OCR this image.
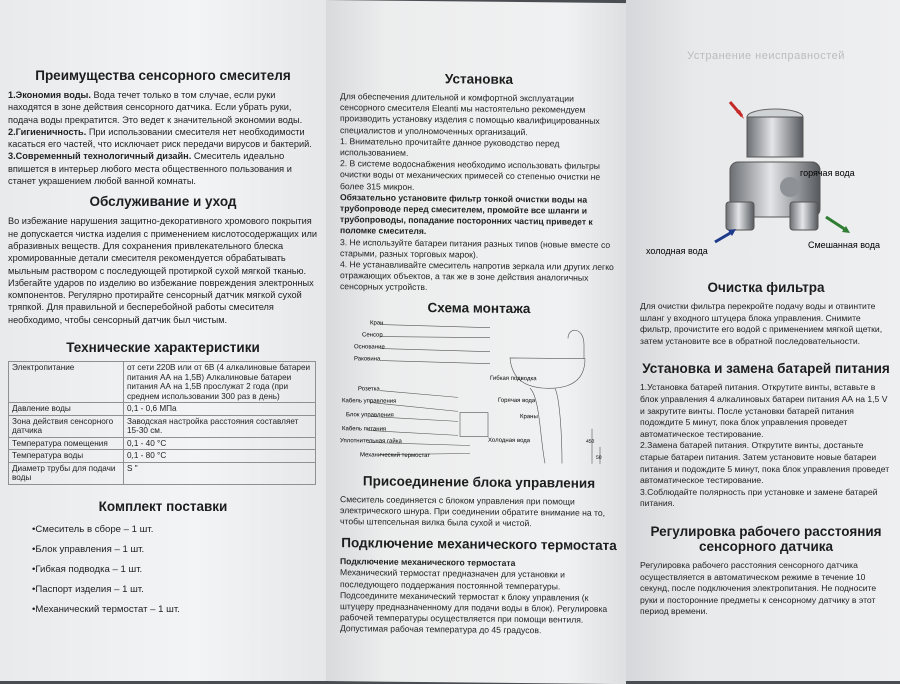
Преимущества сенсорного смесителя

1.Экономия воды. Вода течет только в том случае, если руки находятся в зоне действия сенсорного датчика. Если убрать руки, подача воды прекратится. Это ведет к значительной экономии воды.

2.Гигиеничность. При использовании смесителя нет необходимости касаться его частей, что исключает риск передачи вирусов и бактерий.

3.Современный технологичный дизайн. Смеситель идеально впишется в интерьер любого места общественного пользования и станет украшением любой ванной комнаты.

Обслуживание и уход

Во избежание нарушения защитно-декоративного хромового покрытия не допускается чистка изделия с применением кислотосодержащих или абразивных веществ. Для сохранения привлекательного блеска хромированные детали смесителя рекомендуется обрабатывать мыльным раствором с последующей протиркой сухой мягкой тканью. Избегайте ударов по изделию во избежание повреждения электронных компонентов. Регулярно протирайте сенсорный датчик мягкой сухой тряпкой. Для правильной и бесперебойной работы смесителя необходимо, чтобы сенсорный датчик был чистым.

Технические характеристики
Электропитание	от сети 220В или от 6В (4 алкалиновые батареи питания АА на 1,5В) Алкалиновые батареи питания АА на 1,5В прослужат 2 года (при среднем использовании 300 раз в день)
Давление воды	0,1 - 0,6 МПа
Зона действия сенсорного датчика	Заводская настройка расстояния составляет 15-30 см.
Температура помещения	0,1 - 40 °С
Температура воды	0,1 - 80 °С
Диаметр трубы для подачи воды	S "
Комплект поставки
•Смеситель в сборе – 1 шт.
•Блок управления – 1 шт.
•Гибкая подводка – 1 шт.
•Паспорт изделия – 1 шт.
•Механический термостат – 1 шт.
Установка

Для обеспечения длительной и комфортной эксплуатации сенсорного смесителя Eleanti мы настоятельно рекомендуем производить установку изделия с помощью квалифицированных специалистов и уполномоченных организаций.

1. Внимательно прочитайте данное руководство перед использованием.

2. В системе водоснабжения необходимо использовать фильтры очистки воды от механических примесей со степенью очистки не более 315 микрон.

Обязательно установите фильтр тонкой очистки воды на трубопроводе перед смесителем, промойте все шланги и трубопроводы, попадание посторонних частиц приведет к поломке смесителя.

3. Не используйте батареи питания разных типов (новые вместе со старыми, разных торговых марок).

4. Не устанавливайте смеситель напротив зеркала или других легко отражающих объектов, а так же в зоне действия аналогичных сенсорных устройств.

Схема монтажа
Кран
Сенсор
Основание
Раковина
Розетка
Кабель управления
Блок управления
Кабель питания
Уплотнительная гайка
Механический термостат
Гибкая подводка
Горячая вода
Краны
Холодная вода	450
50
Присоединение блока управления

Смеситель соединяется с блоком управления при помощи электрического шнура. При соединении обратите внимание на то, чтобы штепсельная вилка была сухой и чистой.

Подключение механического термостата

Подключение механического термостата

Механический термостат предназначен для установки и последующего поддержания постоянной температуры. Подсоедините механический термостат к блоку управления (к штуцеру предназначенному для подачи воды в блок). Регулировка рабочей температуры осуществляется при помощи вентиля. Допустимая рабочая температура до 45 градусов.

Устранение неисправностей
горячая вода
холодная вода
Смешанная вода
Очистка фильтра

Для очистки фильтра перекройте подачу воды и отвинтите шланг у входного штуцера блока управления. Снимите фильтр, прочистите его водой с применением мягкой щетки, затем установите все в обратной последовательности.

Установка и замена батарей питания

1.Установка батарей питания. Открутите винты, вставьте в блок управления 4 алкалиновых батареи питания АА на 1,5 V и закрутите винты. После установки батарей питания подождите 5 минут, пока блок управления проведет автоматическое тестирование.

2.Замена батарей питания. Открутите винты, достаньте старые батареи питания. Затем установите новые батареи питания и подождите 5 минут, пока блок управления проведет автоматическое тестирование.

3.Соблюдайте полярность при установке и замене батарей питания.

Регулировка рабочего расстояния сенсорного датчика

Регулировка рабочего расстояния сенсорного датчика осуществляется в автоматическом режиме в течение 10 секунд, после подключения электропитания. Не подносите руки и посторонние предметы к сенсорному датчику в этот период времени.
